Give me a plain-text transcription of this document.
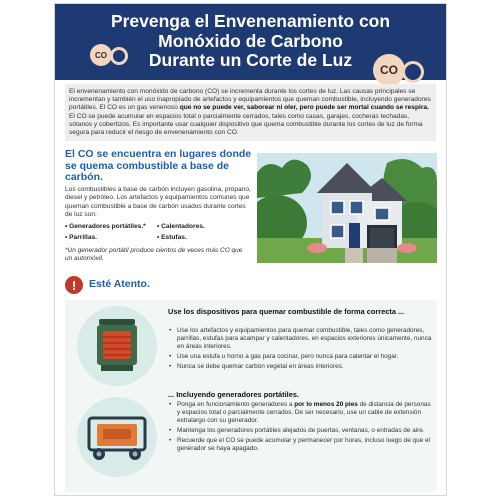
Prevenga el Envenenamiento con
Monóxido de Carbono
Durante un Corte de Luz
CO
CO
El envenenamiento con monóxido de carbono (CO) se incrementa durante los cortes de luz. Las causas principales se incrementan y también el uso inapropiado de artefactos y equipamientos que queman combustible, incluyendo generadores portátiles. El CO es un gas venenoso que no se puede ver, saborear ni oler, pero puede ser mortal cuando se respira. El CO se puede acumular en espacios total o parcialmente cerrados, tales como casas, garajes, cocheras techadas, sótanos y cobertizos. Es importante usar cualquier dispositivo que quema combustible durante los cortes de luz de forma segura para reducir el riesgo de envenenamiento con CO.
El CO se encuentra en lugares donde se quema combustible a base de carbón.
Los combustibles a base de carbón incluyen gasolina, propano, diesel y petróleo. Los artefactos y equipamientos comunes que queman combustible a base de carbón usados durante cortes de luz son:
• Generadores portátiles.*
• Parrillas.
• Calentadores.
• Estufas.
*Un generador portátil produce cientos de veces más CO que un automóvil.
!	Esté Atento.
Use los dispositivos para quemar combustible de forma correcta ...
• Use los artefactos y equipamientos para quemar combustible, tales como generadores, parrillas, estufas para acampar y calentadores, en espacios exteriores únicamente, nunca en áreas interiores.
• Use una estufa u horno a gas para cocinar, pero nunca para calentar el hogar.
• Nunca se debe quemar carbón vegetal en áreas interiores.
... Incluyendo generadores portátiles.
• Ponga en funcionamiento generadores a por lo menos 20 pies de distancia de personas y espacios total o parcialmente cerrados. De ser necesario, use un cable de extensión extralargo con su generador.
• Mantenga los generadores portátiles alejados de puertas, ventanas, o entradas de aire.
• Recuerde que el CO se puede acumular y permanecer por horas, incluso luego de que el generador se haya apagado.
